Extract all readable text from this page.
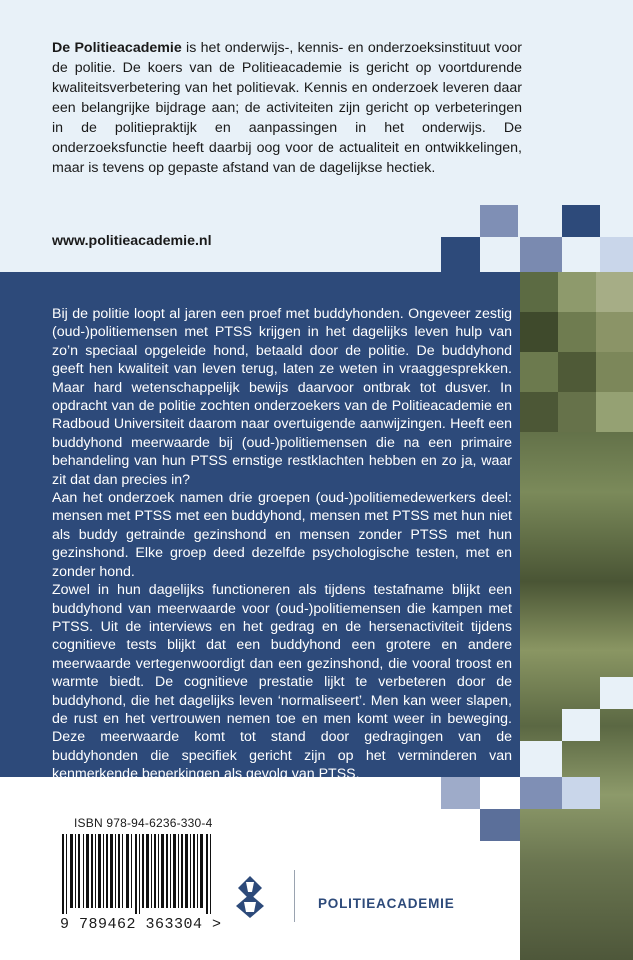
De Politieacademie is het onderwijs-, kennis- en onderzoeksinstituut voor de politie. De koers van de Politieacademie is gericht op voortdurende kwaliteitsverbetering van het politievak. Kennis en onderzoek leveren daar een belangrijke bijdrage aan; de activiteiten zijn gericht op verbeteringen in de politiepraktijk en aanpassingen in het onderwijs. De onderzoeksfunctie heeft daarbij oog voor de actualiteit en ontwikkelingen, maar is tevens op gepaste afstand van de dagelijkse hectiek.

www.politieacademie.nl

Bij de politie loopt al jaren een proef met buddyhonden. Ongeveer zestig (oud-)politiemensen met PTSS krijgen in het dagelijks leven hulp van zo’n speciaal opgeleide hond, betaald door de politie. De buddyhond geeft hen kwaliteit van leven terug, laten ze weten in vraaggesprekken. Maar hard wetenschappelijk bewijs daarvoor ontbrak tot dusver. In opdracht van de politie zochten onderzoekers van de Politieacademie en Radboud Universiteit daarom naar overtuigende aanwijzingen. Heeft een buddyhond meerwaarde bij (oud-)politiemensen die na een primaire behandeling van hun PTSS ernstige restklachten hebben en zo ja, waar zit dat dan precies in?

Aan het onderzoek namen drie groepen (oud-)politiemedewerkers deel: mensen met PTSS met een buddyhond, mensen met PTSS met hun niet als buddy getrainde gezinshond en mensen zonder PTSS met hun gezinshond. Elke groep deed dezelfde psychologische testen, met en zonder hond.

Zowel in hun dagelijks functioneren als tijdens testafname blijkt een buddyhond van meerwaarde voor (oud-)politiemensen die kampen met PTSS. Uit de interviews en het gedrag en de hersenactiviteit tijdens cognitieve tests blijkt dat een buddyhond een grotere en andere meerwaarde vertegenwoordigt dan een gezinshond, die vooral troost en warmte biedt. De cognitieve prestatie lijkt te verbeteren door de buddyhond, die het dagelijks leven ‘normaliseert’. Men kan weer slapen, de rust en het vertrouwen nemen toe en men komt weer in beweging. Deze meerwaarde komt tot stand door gedragingen van de buddyhonden die specifiek gericht zijn op het verminderen van kenmerkende beperkingen als gevolg van PTSS.

ISBN 978-94-6236-330-4

9 789462 363304 >

POLITIEACADEMIE
